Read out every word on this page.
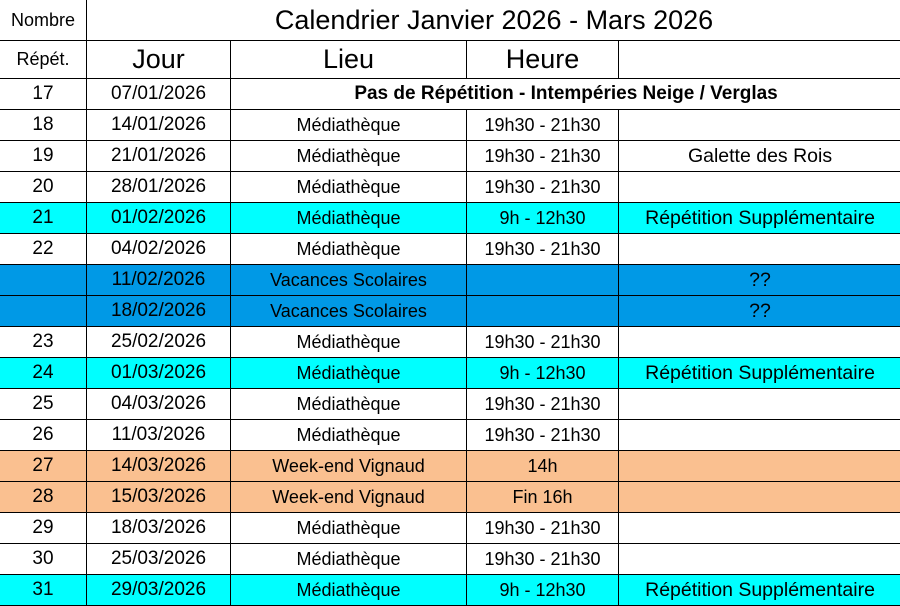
Nombre	Calendrier Janvier 2026 - Mars 2026			
Répét.	Jour	Lieu	Heure	
17	07/01/2026	Pas de Répétition - Intempéries Neige / Verglas		
18	14/01/2026	Médiathèque	19h30 - 21h30	
19	21/01/2026	Médiathèque	19h30 - 21h30	Galette des Rois
20	28/01/2026	Médiathèque	19h30 - 21h30	
21	01/02/2026	Médiathèque	9h - 12h30	Répétition Supplémentaire
22	04/02/2026	Médiathèque	19h30 - 21h30	
	11/02/2026	Vacances Scolaires		??
	18/02/2026	Vacances Scolaires		??
23	25/02/2026	Médiathèque	19h30 - 21h30	
24	01/03/2026	Médiathèque	9h - 12h30	Répétition Supplémentaire
25	04/03/2026	Médiathèque	19h30 - 21h30	
26	11/03/2026	Médiathèque	19h30 - 21h30	
27	14/03/2026	Week-end Vignaud	14h	
28	15/03/2026	Week-end Vignaud	Fin 16h	
29	18/03/2026	Médiathèque	19h30 - 21h30	
30	25/03/2026	Médiathèque	19h30 - 21h30	
31	29/03/2026	Médiathèque	9h - 12h30	Répétition Supplémentaire
